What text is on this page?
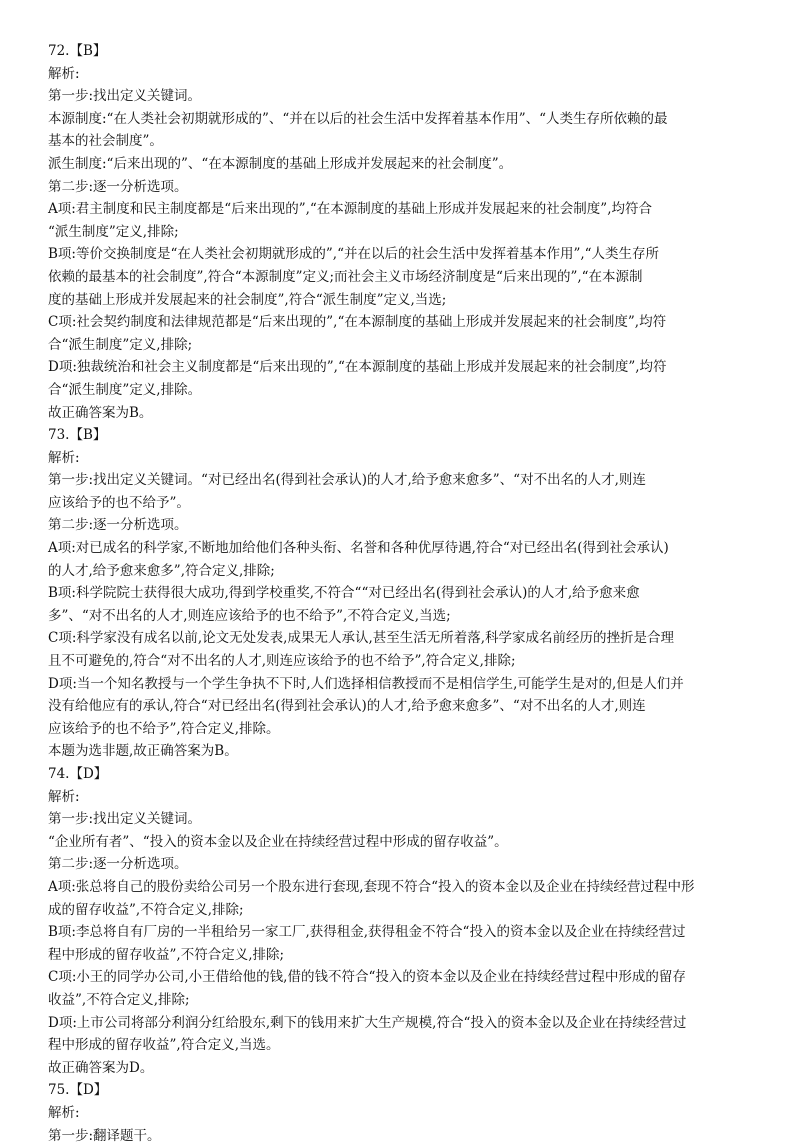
72.【B】
解析:
第一步:找出定义关键词。
本源制度:“在人类社会初期就形成的”、“并在以后的社会生活中发挥着基本作用”、“人类生存所依赖的最
基本的社会制度”。
派生制度:“后来出现的”、“在本源制度的基础上形成并发展起来的社会制度”。
第二步:逐一分析选项。
A项:君主制度和民主制度都是“后来出现的”,“在本源制度的基础上形成并发展起来的社会制度”,均符合
“派生制度”定义,排除;
B项:等价交换制度是“在人类社会初期就形成的”,“并在以后的社会生活中发挥着基本作用”,“人类生存所
依赖的最基本的社会制度”,符合“本源制度”定义;而社会主义市场经济制度是“后来出现的”,“在本源制
度的基础上形成并发展起来的社会制度”,符合“派生制度”定义,当选;
C项:社会契约制度和法律规范都是“后来出现的”,“在本源制度的基础上形成并发展起来的社会制度”,均符
合“派生制度”定义,排除;
D项:独裁统治和社会主义制度都是“后来出现的”,“在本源制度的基础上形成并发展起来的社会制度”,均符
合“派生制度”定义,排除。
故正确答案为B。
73.【B】
解析:
第一步:找出定义关键词。“对已经出名(得到社会承认)的人才,给予愈来愈多”、“对不出名的人才,则连
应该给予的也不给予”。
第二步:逐一分析选项。
A项:对已成名的科学家,不断地加给他们各种头衔、名誉和各种优厚待遇,符合“对已经出名(得到社会承认)
的人才,给予愈来愈多”,符合定义,排除;
B项:科学院院士获得很大成功,得到学校重奖,不符合““对已经出名(得到社会承认)的人才,给予愈来愈
多”、“对不出名的人才,则连应该给予的也不给予”,不符合定义,当选;
C项:科学家没有成名以前,论文无处发表,成果无人承认,甚至生活无所着落,科学家成名前经历的挫折是合理
且不可避免的,符合“对不出名的人才,则连应该给予的也不给予”,符合定义,排除;
D项:当一个知名教授与一个学生争执不下时,人们选择相信教授而不是相信学生,可能学生是对的,但是人们并
没有给他应有的承认,符合“对已经出名(得到社会承认)的人才,给予愈来愈多”、“对不出名的人才,则连
应该给予的也不给予”,符合定义,排除。
本题为选非题,故正确答案为B。
74.【D】
解析:
第一步:找出定义关键词。
“企业所有者”、“投入的资本金以及企业在持续经营过程中形成的留存收益”。
第二步:逐一分析选项。
A项:张总将自己的股份卖给公司另一个股东进行套现,套现不符合“投入的资本金以及企业在持续经营过程中形
成的留存收益”,不符合定义,排除;
B项:李总将自有厂房的一半租给另一家工厂,获得租金,获得租金不符合“投入的资本金以及企业在持续经营过
程中形成的留存收益”,不符合定义,排除;
C项:小王的同学办公司,小王借给他的钱,借的钱不符合“投入的资本金以及企业在持续经营过程中形成的留存
收益”,不符合定义,排除;
D项:上市公司将部分利润分红给股东,剩下的钱用来扩大生产规模,符合“投入的资本金以及企业在持续经营过
程中形成的留存收益”,符合定义,当选。
故正确答案为D。
75.【D】
解析:
第一步:翻译题干。
